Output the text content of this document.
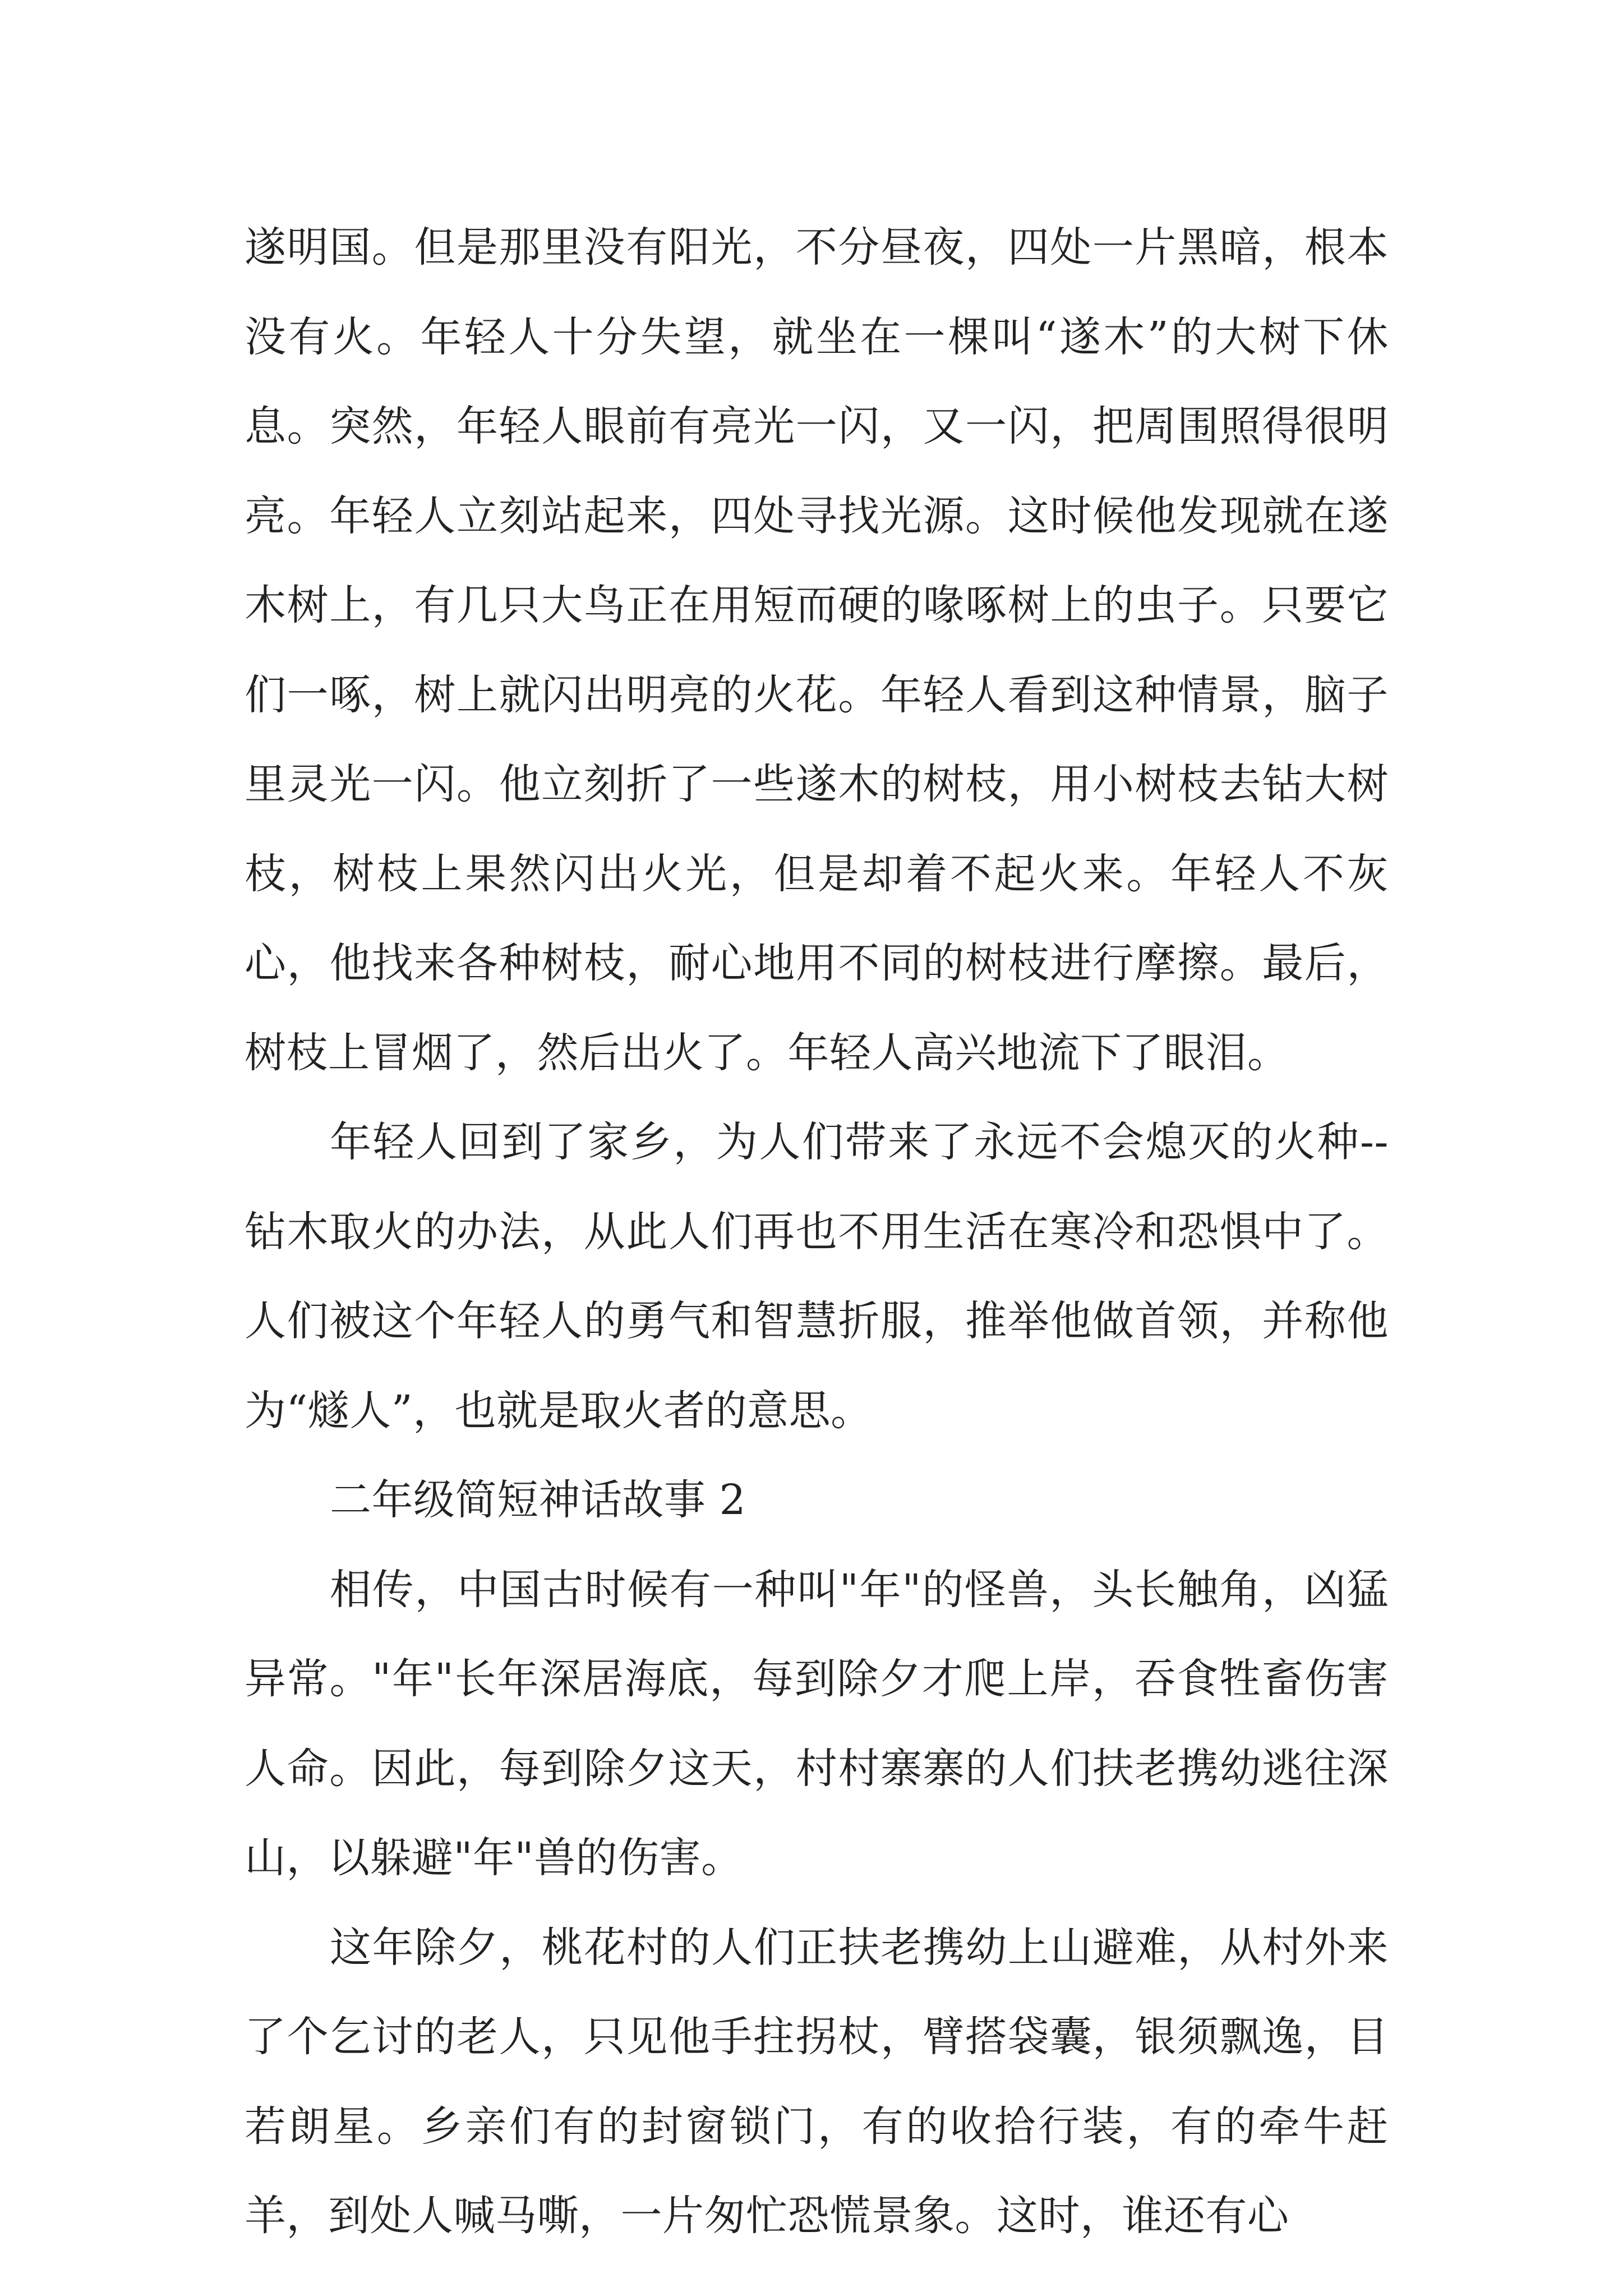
遂明国。但是那里没有阳光，不分昼夜，四处一片黑暗，根本没有火。年轻人十分失望，就坐在一棵叫“遂木”的大树下休息。突然，年轻人眼前有亮光一闪，又一闪，把周围照得很明亮。年轻人立刻站起来，四处寻找光源。这时候他发现就在遂木树上，有几只大鸟正在用短而硬的喙啄树上的虫子。只要它们一啄，树上就闪出明亮的火花。年轻人看到这种情景，脑子里灵光一闪。他立刻折了一些遂木的树枝，用小树枝去钻大树枝，树枝上果然闪出火光，但是却着不起火来。年轻人不灰心，他找来各种树枝，耐心地用不同的树枝进行摩擦。最后，树枝上冒烟了，然后出火了。年轻人高兴地流下了眼泪。

年轻人回到了家乡，为人们带来了永远不会熄灭的火种--钻木取火的办法，从此人们再也不用生活在寒冷和恐惧中了。人们被这个年轻人的勇气和智慧折服，推举他做首领，并称他为“燧人”，也就是取火者的意思。

二年级简短神话故事 2

相传，中国古时候有一种叫"年"的怪兽，头长触角，凶猛异常。"年"长年深居海底，每到除夕才爬上岸，吞食牲畜伤害人命。因此，每到除夕这天，村村寨寨的人们扶老携幼逃往深山，以躲避"年"兽的伤害。

这年除夕，桃花村的人们正扶老携幼上山避难，从村外来了个乞讨的老人，只见他手拄拐杖，臂搭袋囊，银须飘逸，目若朗星。乡亲们有的封窗锁门，有的收拾行装，有的牵牛赶羊，到处人喊马嘶，一片匆忙恐慌景象。这时，谁还有心
